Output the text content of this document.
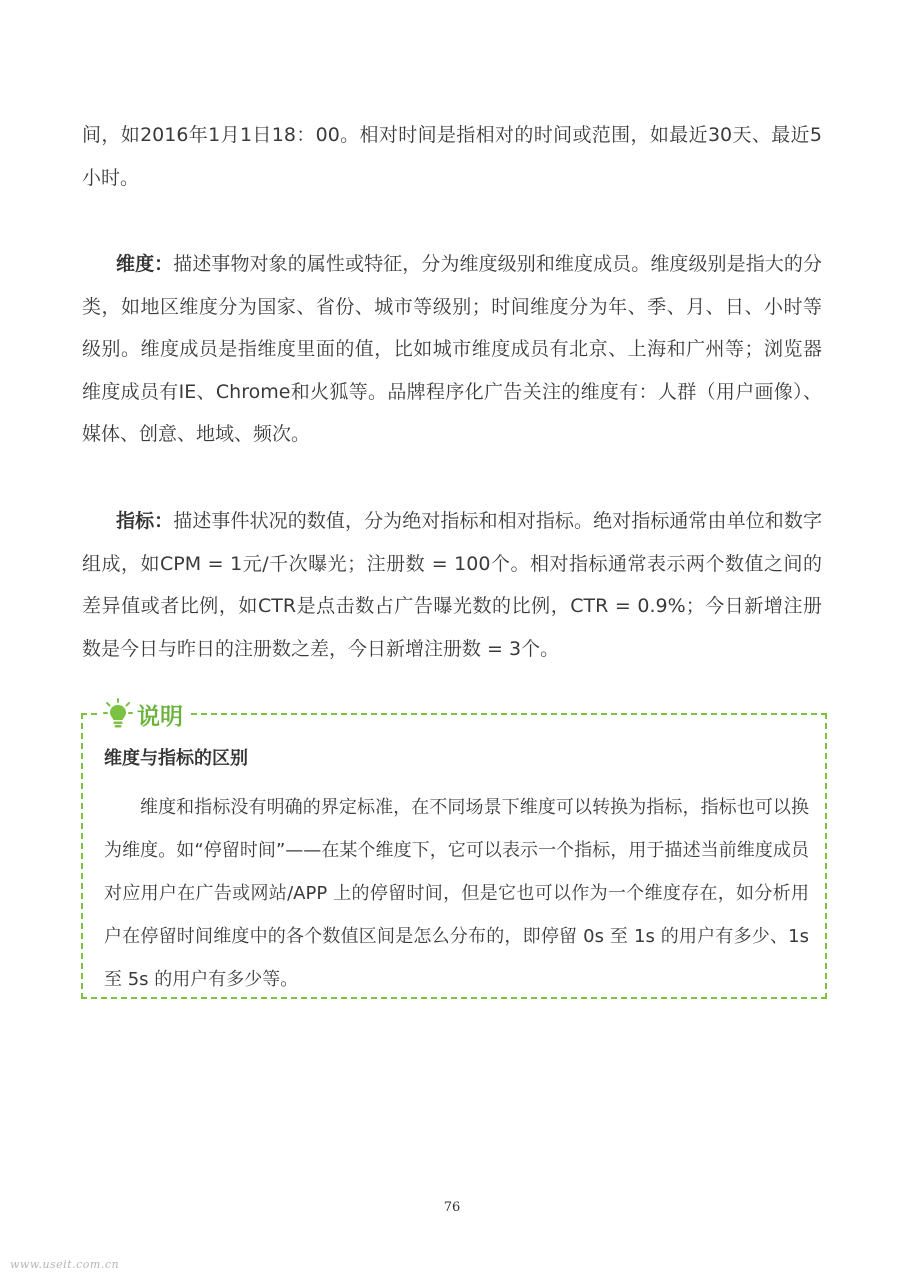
间，如2016年1月1日18：00。相对时间是指相对的时间或范围，如最近30天、最近5小时。

维度：描述事物对象的属性或特征，分为维度级别和维度成员。维度级别是指大的分类，如地区维度分为国家、省份、城市等级别；时间维度分为年、季、月、日、小时等级别。维度成员是指维度里面的值，比如城市维度成员有北京、上海和广州等；浏览器维度成员有IE、Chrome和火狐等。品牌程序化广告关注的维度有：人群（用户画像）、媒体、创意、地域、频次。

指标：描述事件状况的数值，分为绝对指标和相对指标。绝对指标通常由单位和数字组成，如CPM = 1元/千次曝光；注册数 = 100个。相对指标通常表示两个数值之间的差异值或者比例，如CTR是点击数占广告曝光数的比例，CTR = 0.9%；今日新增注册数是今日与昨日的注册数之差，今日新增注册数 = 3个。

说明

维度与指标的区别

维度和指标没有明确的界定标准，在不同场景下维度可以转换为指标，指标也可以换为维度。如“停留时间”——在某个维度下，它可以表示一个指标，用于描述当前维度成员对应用户在广告或网站/APP 上的停留时间，但是它也可以作为一个维度存在，如分析用户在停留时间维度中的各个数值区间是怎么分布的，即停留 0s 至 1s 的用户有多少、1s 至 5s 的用户有多少等。

76
www.useit.com.cn
